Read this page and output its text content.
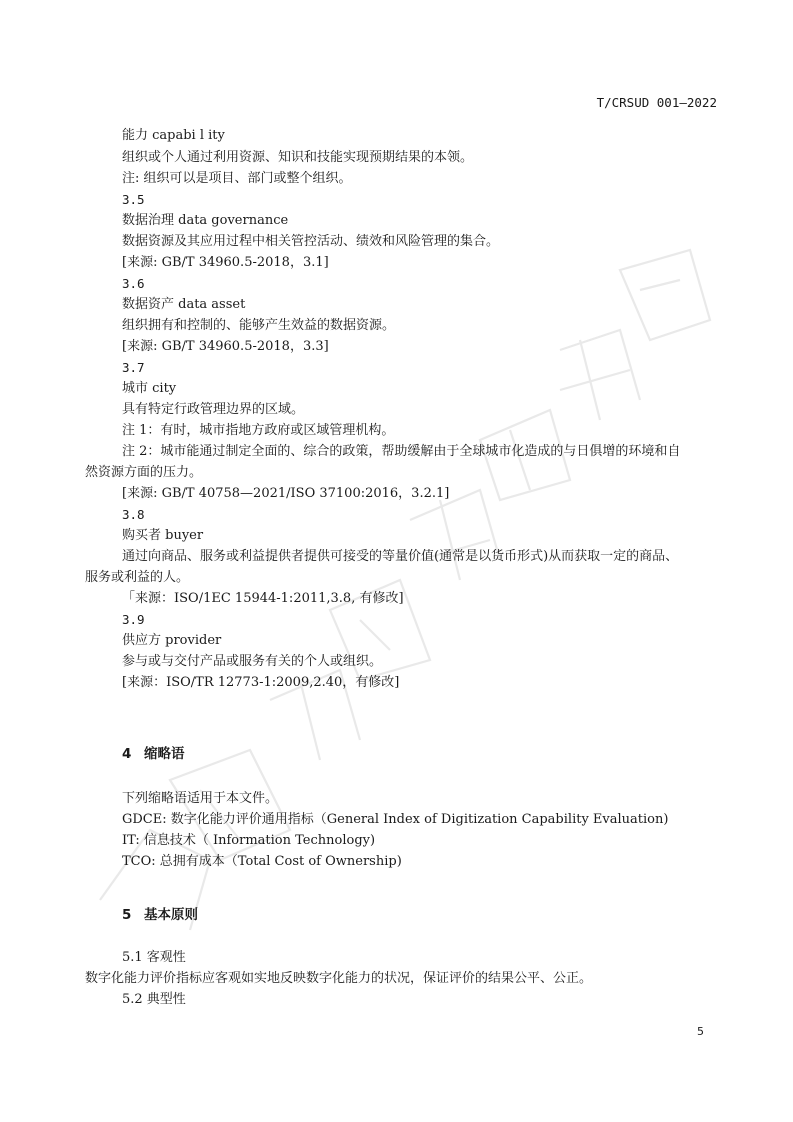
T/CRSUD 001—2022
能力 capabi l ity
组织或个人通过利用资源、知识和技能实现预期结果的本领。
注: 组织可以是项目、部门或整个组织。
3.5
数据治理 data governance
数据资源及其应用过程中相关管控活动、绩效和风险管理的集合。
[来源: GB/T 34960.5-2018，3.1]
3.6
数据资产 data asset
组织拥有和控制的、能够产生效益的数据资源。
[来源: GB/T 34960.5-2018，3.3]
3.7
城市 city
具有特定行政管理边界的区域。
注 1：有时，城市指地方政府或区域管理机构。
注 2：城市能通过制定全面的、综合的政策，帮助缓解由于全球城市化造成的与日俱增的环境和自
然资源方面的压力。
[来源: GB/T 40758—2021/ISO 37100:2016，3.2.1]
3.8
购买者 buyer
通过向商品、服务或利益提供者提供可接受的等量价值(通常是以货币形式)从而获取一定的商品、
服务或利益的人。
「来源：ISO/1EC 15944-1:2011,3.8, 有修改]
3.9
供应方 provider
参与或与交付产品或服务有关的个人或组织。
[来源：ISO/TR 12773-1:2009,2.40，有修改]
4 缩略语
下列缩略语适用于本文件。
GDCE: 数字化能力评价通用指标（General Index of Digitization Capability Evaluation)
IT: 信息技术（ Information Technology)
TCO: 总拥有成本（Total Cost of Ownership)
5 基本原则
5.1 客观性
数字化能力评价指标应客观如实地反映数字化能力的状况，保证评价的结果公平、公正。
5.2 典型性
5
